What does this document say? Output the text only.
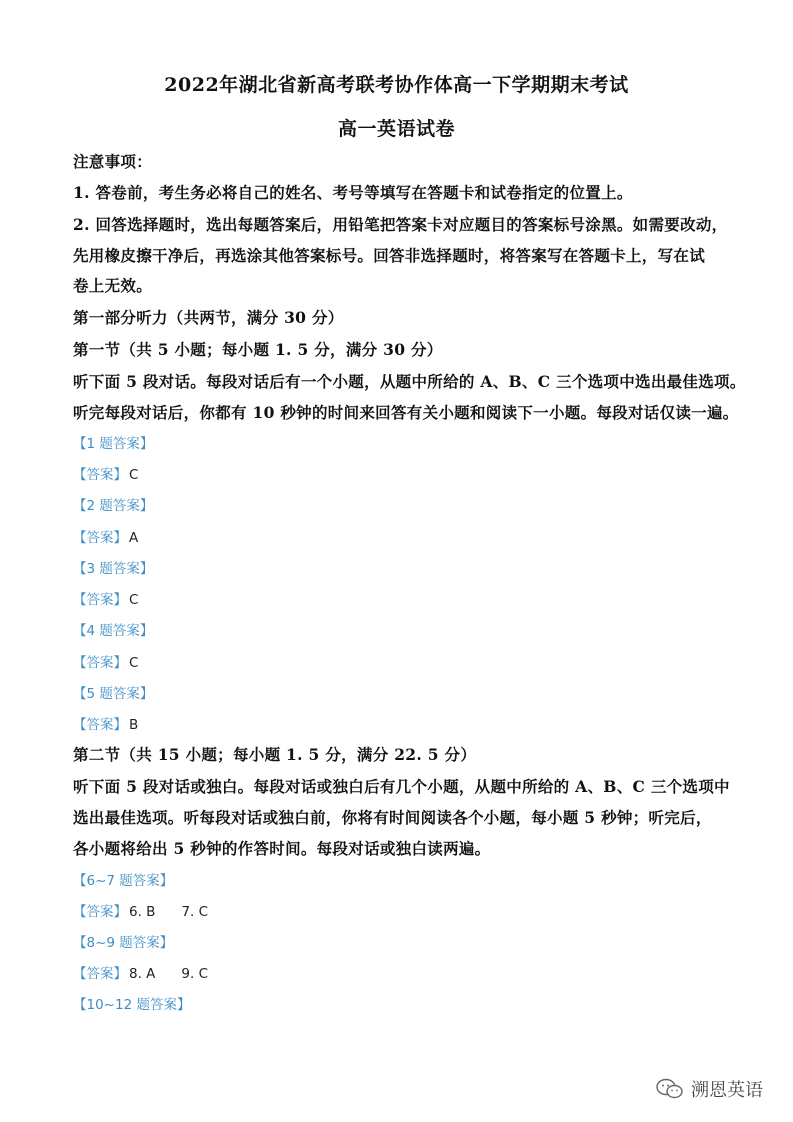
2022年湖北省新高考联考协作体高一下学期期末考试
高一英语试卷
注意事项：
1. 答卷前，考生务必将自己的姓名、考号等填写在答题卡和试卷指定的位置上。
2. 回答选择题时，选出每题答案后，用铅笔把答案卡对应题目的答案标号涂黑。如需要改动，
先用橡皮擦干净后，再选涂其他答案标号。回答非选择题时，将答案写在答题卡上，写在试
卷上无效。
第一部分听力（共两节，满分 30 分）
第一节（共 5 小题；每小题 1. 5 分，满分 30 分）
听下面 5 段对话。每段对话后有一个小题，从题中所给的 A、B、C 三个选项中选出最佳选项。
听完每段对话后，你都有 10 秒钟的时间来回答有关小题和阅读下一小题。每段对话仅读一遍。
【1 题答案】
【答案】 C
【2 题答案】
【答案】 A
【3 题答案】
【答案】 C
【4 题答案】
【答案】 C
【5 题答案】
【答案】 B
第二节（共 15 小题；每小题 1. 5 分，满分 22. 5 分）
听下面 5 段对话或独白。每段对话或独白后有几个小题，从题中所给的 A、B、C 三个选项中
选出最佳选项。听每段对话或独白前，你将有时间阅读各个小题，每小题 5 秒钟；听完后，
各小题将给出 5 秒钟的作答时间。每段对话或独白读两遍。
【6~7 题答案】
【答案】 6. B 7. C
【8~9 题答案】
【答案】 8. A 9. C
【10~12 题答案】
溯恩英语
